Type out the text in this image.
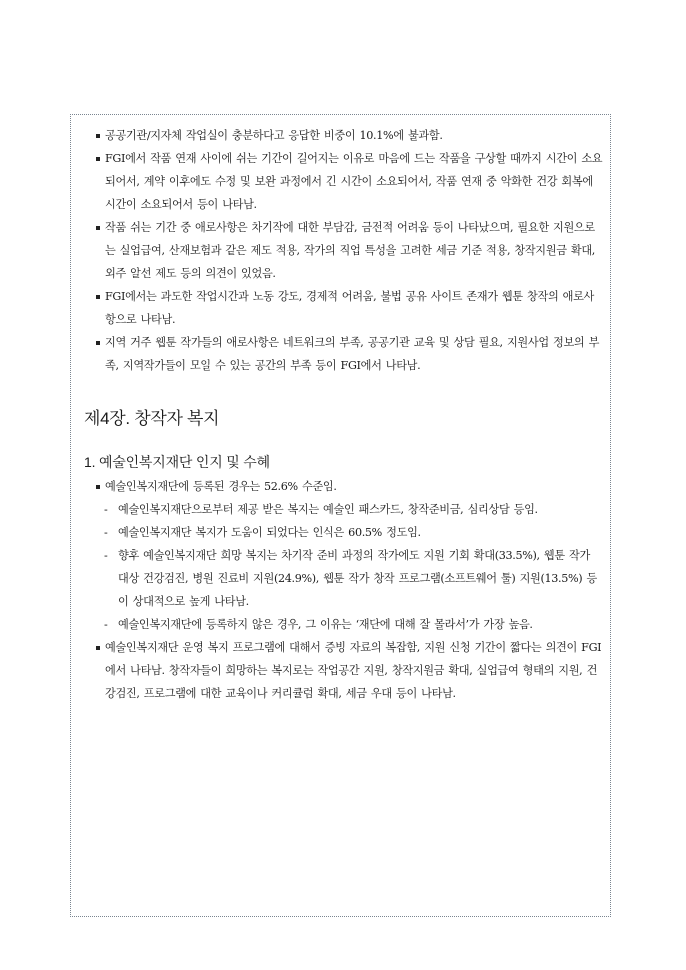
공공기관/지자체 작업실이 충분하다고 응답한 비중이 10.1%에 불과함.
FGI에서 작품 연재 사이에 쉬는 기간이 길어지는 이유로 마음에 드는 작품을 구상할 때까지 시간이 소요되어서, 계약 이후에도 수정 및 보완 과정에서 긴 시간이 소요되어서, 작품 연재 중 악화한 건강 회복에 시간이 소요되어서 등이 나타남.
작품 쉬는 기간 중 애로사항은 차기작에 대한 부담감, 금전적 어려움 등이 나타났으며, 필요한 지원으로는 실업급여, 산재보험과 같은 제도 적용, 작가의 직업 특성을 고려한 세금 기준 적용, 창작지원금 확대, 외주 알선 제도 등의 의견이 있었음.
FGI에서는 과도한 작업시간과 노동 강도, 경제적 어려움, 불법 공유 사이트 존재가 웹툰 창작의 애로사항으로 나타남.
지역 거주 웹툰 작가들의 애로사항은 네트워크의 부족, 공공기관 교육 및 상담 필요, 지원사업 정보의 부족, 지역작가들이 모일 수 있는 공간의 부족 등이 FGI에서 나타남.
제4장. 창작자 복지
1. 예술인복지재단 인지 및 수혜
예술인복지재단에 등록된 경우는 52.6% 수준임.
- 예술인복지재단으로부터 제공 받은 복지는 예술인 패스카드, 창작준비금, 심리상담 등임.
- 예술인복지재단 복지가 도움이 되었다는 인식은 60.5% 정도임.
- 향후 예술인복지재단 희망 복지는 차기작 준비 과정의 작가에도 지원 기회 확대(33.5%), 웹툰 작가 대상 건강검진, 병원 진료비 지원(24.9%), 웹툰 작가 창작 프로그램(소프트웨어 툴) 지원(13.5%) 등이 상대적으로 높게 나타남.
- 예술인복지재단에 등록하지 않은 경우, 그 이유는 ‘재단에 대해 잘 몰라서’가 가장 높음.
예술인복지재단 운영 복지 프로그램에 대해서 증빙 자료의 복잡함, 지원 신청 기간이 짧다는 의견이 FGI에서 나타남. 창작자들이 희망하는 복지로는 작업공간 지원, 창작지원금 확대, 실업급여 형태의 지원, 건강검진, 프로그램에 대한 교육이나 커리큘럼 확대, 세금 우대 등이 나타남.
